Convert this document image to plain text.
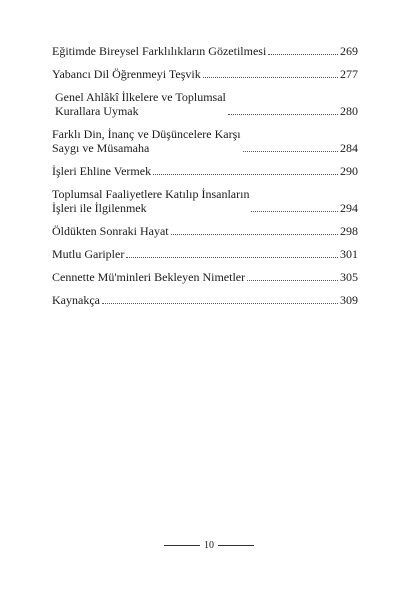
Eğitimde Bireysel Farklılıkların Gözetilmesi	269
Yabancı Dil Öğrenmeyi Teşvik	277
Genel Ahlâkî İlkelere ve Toplumsal
Kurallara Uymak	280
Farklı Din, İnanç ve Düşüncelere Karşı
Saygı ve Müsamaha	284
İşleri Ehline Vermek	290
Toplumsal Faaliyetlere Katılıp İnsanların
İşleri ile İlgilenmek	294
Öldükten Sonraki Hayat	298
Mutlu Garipler	301
Cennette Mü'minleri Bekleyen Nimetler	305
Kaynakça	309
10
